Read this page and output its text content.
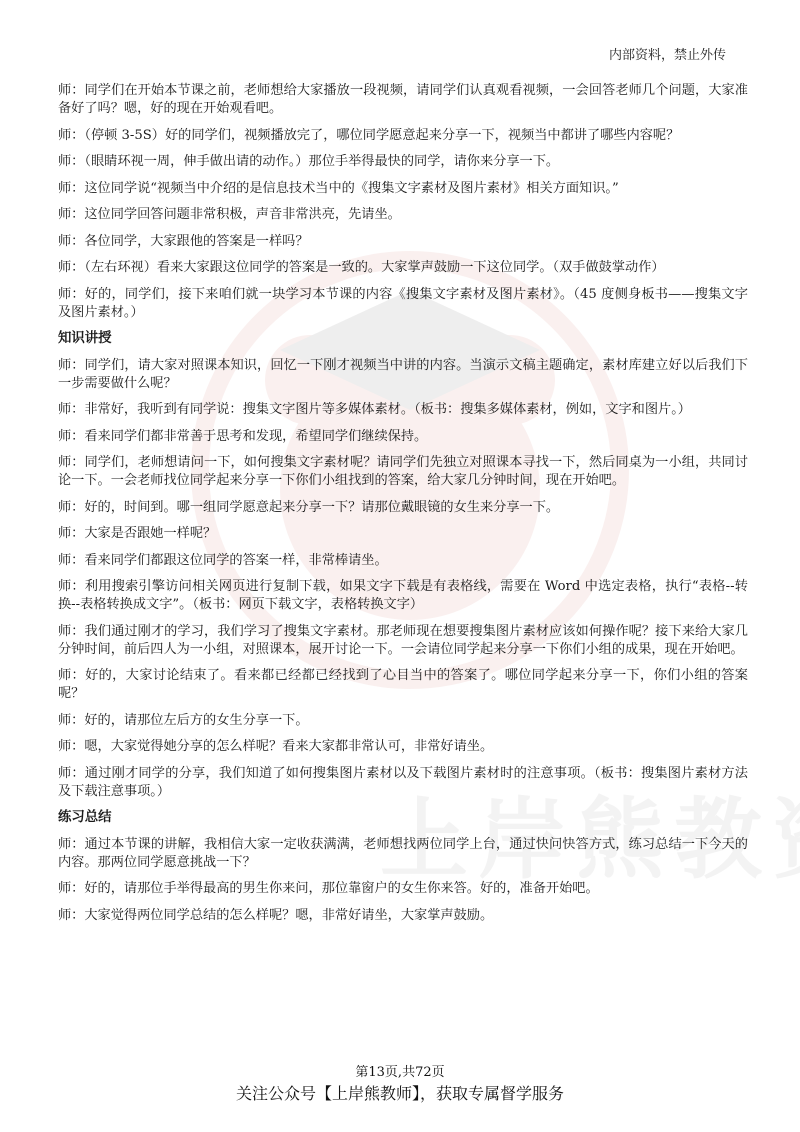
内部资料，禁止外传

师：同学们在开始本节课之前，老师想给大家播放一段视频，请同学们认真观看视频，一会回答老师几个问题，大家准备好了吗？嗯，好的现在开始观看吧。

师：（停顿 3-5S）好的同学们，视频播放完了，哪位同学愿意起来分享一下，视频当中都讲了哪些内容呢？

师：（眼睛环视一周，伸手做出请的动作。）那位手举得最快的同学，请你来分享一下。

师：这位同学说“视频当中介绍的是信息技术当中的《搜集文字素材及图片素材》相关方面知识。”

师：这位同学回答问题非常积极，声音非常洪亮，先请坐。

师：各位同学，大家跟他的答案是一样吗？

师：（左右环视）看来大家跟这位同学的答案是一致的。大家掌声鼓励一下这位同学。（双手做鼓掌动作）

师：好的，同学们，接下来咱们就一块学习本节课的内容《搜集文字素材及图片素材》。（45 度侧身板书——搜集文字及图片素材。）

知识讲授

师：同学们，请大家对照课本知识，回忆一下刚才视频当中讲的内容。当演示文稿主题确定，素材库建立好以后我们下一步需要做什么呢？

师：非常好，我听到有同学说：搜集文字图片等多媒体素材。（板书：搜集多媒体素材，例如，文字和图片。）

师：看来同学们都非常善于思考和发现，希望同学们继续保持。

师：同学们，老师想请问一下，如何搜集文字素材呢？请同学们先独立对照课本寻找一下，然后同桌为一小组，共同讨论一下。一会老师找位同学起来分享一下你们小组找到的答案，给大家几分钟时间，现在开始吧。

师：好的，时间到。哪一组同学愿意起来分享一下？请那位戴眼镜的女生来分享一下。

师：大家是否跟她一样呢？

师：看来同学们都跟这位同学的答案一样，非常棒请坐。

师：利用搜索引擎访问相关网页进行复制下载，如果文字下载是有表格线，需要在 Word 中选定表格，执行“表格--转换--表格转换成文字”。（板书：网页下载文字，表格转换文字）

师：我们通过刚才的学习，我们学习了搜集文字素材。那老师现在想要搜集图片素材应该如何操作呢？接下来给大家几分钟时间，前后四人为一小组，对照课本，展开讨论一下。一会请位同学起来分享一下你们小组的成果，现在开始吧。

师：好的，大家讨论结束了。看来都已经都已经找到了心目当中的答案了。哪位同学起来分享一下，你们小组的答案呢？

师：好的，请那位左后方的女生分享一下。

师：嗯，大家觉得她分享的怎么样呢？看来大家都非常认可，非常好请坐。

师：通过刚才同学的分享，我们知道了如何搜集图片素材以及下载图片素材时的注意事项。（板书：搜集图片素材方法及下载注意事项。）

练习总结

师：通过本节课的讲解，我相信大家一定收获满满，老师想找两位同学上台，通过快问快答方式，练习总结一下今天的内容。那两位同学愿意挑战一下？

师：好的，请那位手举得最高的男生你来问，那位靠窗户的女生你来答。好的，准备开始吧。

师：大家觉得两位同学总结的怎么样呢？嗯，非常好请坐，大家掌声鼓励。

第13页,共72页
关注公众号【上岸熊教师】，获取专属督学服务
